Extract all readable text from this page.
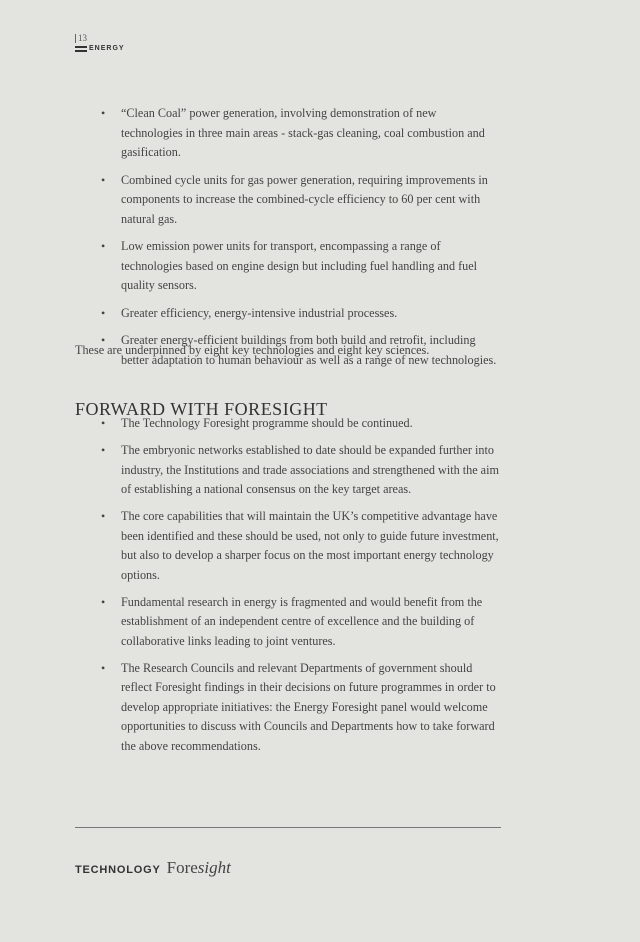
13
ENERGY
• “Clean Coal” power generation, involving demonstration of new technologies in three main areas - stack-gas cleaning, coal combustion and gasification.
• Combined cycle units for gas power generation, requiring improvements in components to increase the combined-cycle efficiency to 60 per cent with natural gas.
• Low emission power units for transport, encompassing a range of technologies based on engine design but including fuel handling and fuel quality sensors.
• Greater efficiency, energy-intensive industrial processes.
• Greater energy-efficient buildings from both build and retrofit, including better adaptation to human behaviour as well as a range of new technologies.
These are underpinned by eight key technologies and eight key sciences.
FORWARD WITH FORESIGHT
• The Technology Foresight programme should be continued.
• The embryonic networks established to date should be expanded further into industry, the Institutions and trade associations and strengthened with the aim of establishing a national consensus on the key target areas.
• The core capabilities that will maintain the UK’s competitive advantage have been identified and these should be used, not only to guide future investment, but also to develop a sharper focus on the most important energy technology options.
• Fundamental research in energy is fragmented and would benefit from the establishment of an independent centre of excellence and the building of collaborative links leading to joint ventures.
• The Research Councils and relevant Departments of government should reflect Foresight findings in their decisions on future programmes in order to develop appropriate initiatives: the Energy Foresight panel would welcome opportunities to discuss with Councils and Departments how to take forward the above recommendations.
TECHNOLOGY Foresight
